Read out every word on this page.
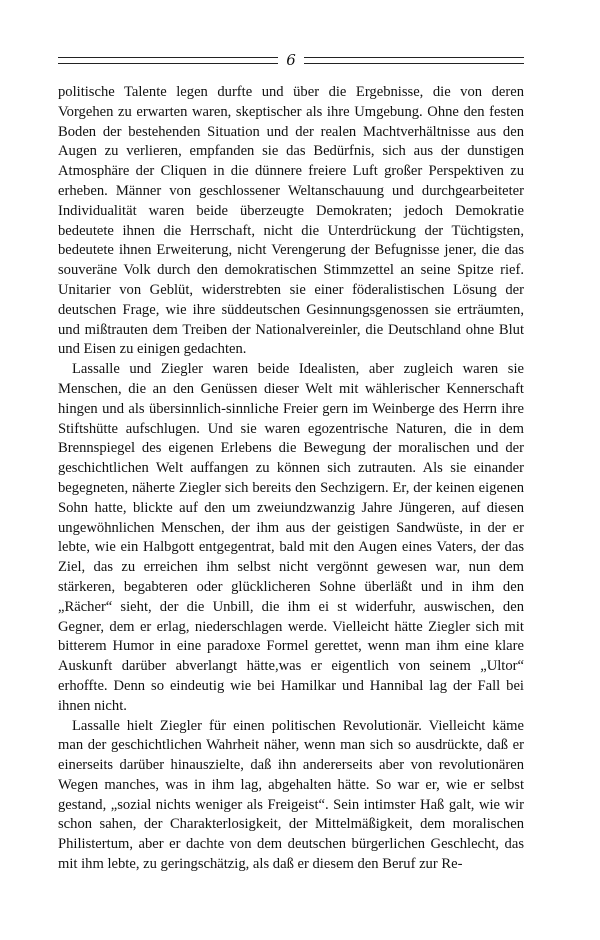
6

politische Talente legen durfte und über die Ergebnisse, die von deren Vorgehen zu erwarten waren, skeptischer als ihre Umgebung. Ohne den festen Boden der bestehenden Situation und der realen Machtverhältnisse aus den Augen zu verlieren, empfanden sie das Bedürfnis, sich aus der dunstigen Atmosphäre der Cliquen in die dünnere freiere Luft großer Perspektiven zu erheben. Männer von geschlossener Weltanschauung und durchgearbeiteter Individualität waren beide überzeugte Demokraten; jedoch Demokratie bedeutete ihnen die Herrschaft, nicht die Unterdrückung der Tüchtigsten, bedeutete ihnen Erweiterung, nicht Verengerung der Befugnisse jener, die das souveräne Volk durch den demokratischen Stimmzettel an seine Spitze rief. Unitarier von Geblüt, widerstrebten sie einer föderalistischen Lösung der deutschen Frage, wie ihre süddeutschen Gesinnungsgenossen sie erträumten, und mißtrauten dem Treiben der Nationalvereinler, die Deutschland ohne Blut und Eisen zu einigen gedachten.

Lassalle und Ziegler waren beide Idealisten, aber zugleich waren sie Menschen, die an den Genüssen dieser Welt mit wählerischer Kennerschaft hingen und als übersinnlich-sinnliche Freier gern im Weinberge des Herrn ihre Stiftshütte aufschlugen. Und sie waren egozentrische Naturen, die in dem Brennspiegel des eigenen Erlebens die Bewegung der moralischen und der geschichtlichen Welt auffangen zu können sich zutrauten. Als sie einander begegneten, näherte Ziegler sich bereits den Sechzigern. Er, der keinen eigenen Sohn hatte, blickte auf den um zweiundzwanzig Jahre Jüngeren, auf diesen ungewöhnlichen Menschen, der ihm aus der geistigen Sandwüste, in der er lebte, wie ein Halbgott entgegentrat, bald mit den Augen eines Vaters, der das Ziel, das zu erreichen ihm selbst nicht vergönnt gewesen war, nun dem stärkeren, begabteren oder glücklicheren Sohne überläßt und in ihm den „Rächer“ sieht, der die Unbill, die ihm ei st widerfuhr, auswischen, den Gegner, dem er erlag, niederschlagen werde. Vielleicht hätte Ziegler sich mit bitterem Humor in eine paradoxe Formel gerettet, wenn man ihm eine klare Auskunft darüber abverlangt hätte,was er eigentlich von seinem „Ultor“ erhoffte. Denn so eindeutig wie bei Hamilkar und Hannibal lag der Fall bei ihnen nicht.

Lassalle hielt Ziegler für einen politischen Revolutionär. Vielleicht käme man der geschichtlichen Wahrheit näher, wenn man sich so ausdrückte, daß er einerseits darüber hinauszielte, daß ihn andererseits aber von revolutionären Wegen manches, was in ihm lag, abgehalten hätte. So war er, wie er selbst gestand, „sozial nichts weniger als Freigeist“. Sein intimster Haß galt, wie wir schon sahen, der Charakterlosigkeit, der Mittelmäßigkeit, dem moralischen Philistertum, aber er dachte von dem deutschen bürgerlichen Geschlecht, das mit ihm lebte, zu geringschätzig, als daß er diesem den Beruf zur Re-
